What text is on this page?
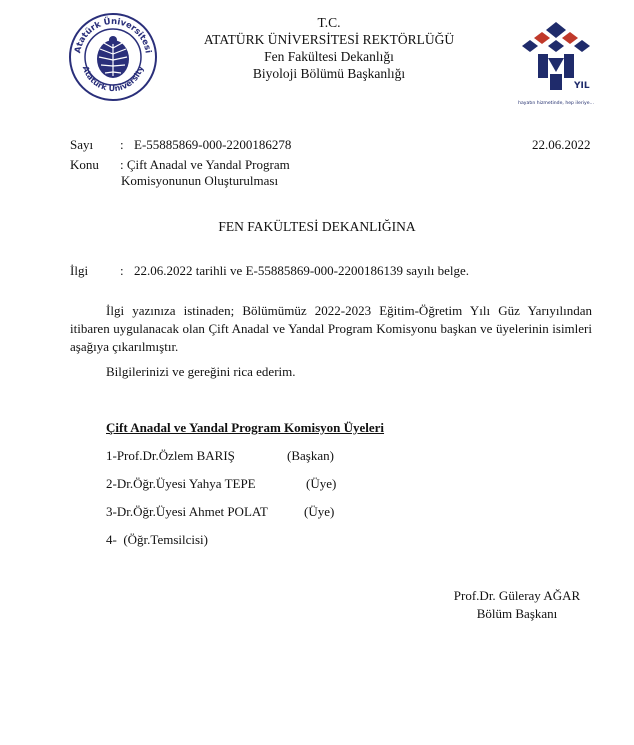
Atatürk Üniversitesi
Atatürk University
T.C.
ATATÜRK ÜNİVERSİTESİ REKTÖRLÜĞÜ
Fen Fakültesi Dekanlığı
Biyoloji Bölümü Başkanlığı
YIL
hayatın hizmetinde, hep ileriye...
Sayı : E-55885869-000-2200186278	22.06.2022
Konu : Çift Anadal ve Yandal Program
Komisyonunun Oluşturulması
FEN FAKÜLTESİ DEKANLIĞINA
İlgi : 22.06.2022 tarihli ve E-55885869-000-2200186139 sayılı belge.
İlgi yazınıza istinaden; Bölümümüz 2022-2023 Eğitim-Öğretim Yılı Güz Yarıyılından itibaren uygulanacak olan Çift Anadal ve Yandal Program Komisyonu başkan ve üyelerinin isimleri aşağıya çıkarılmıştır.
Bilgilerinizi ve gereğini rica ederim.
Çift Anadal ve Yandal Program Komisyon Üyeleri
1-Prof.Dr.Özlem BARIŞ	(Başkan)
2-Dr.Öğr.Üyesi Yahya TEPE	(Üye)
3-Dr.Öğr.Üyesi Ahmet POLAT	(Üye)
4-  (Öğr.Temsilcisi)
Prof.Dr. Güleray AĞAR
Bölüm Başkanı
